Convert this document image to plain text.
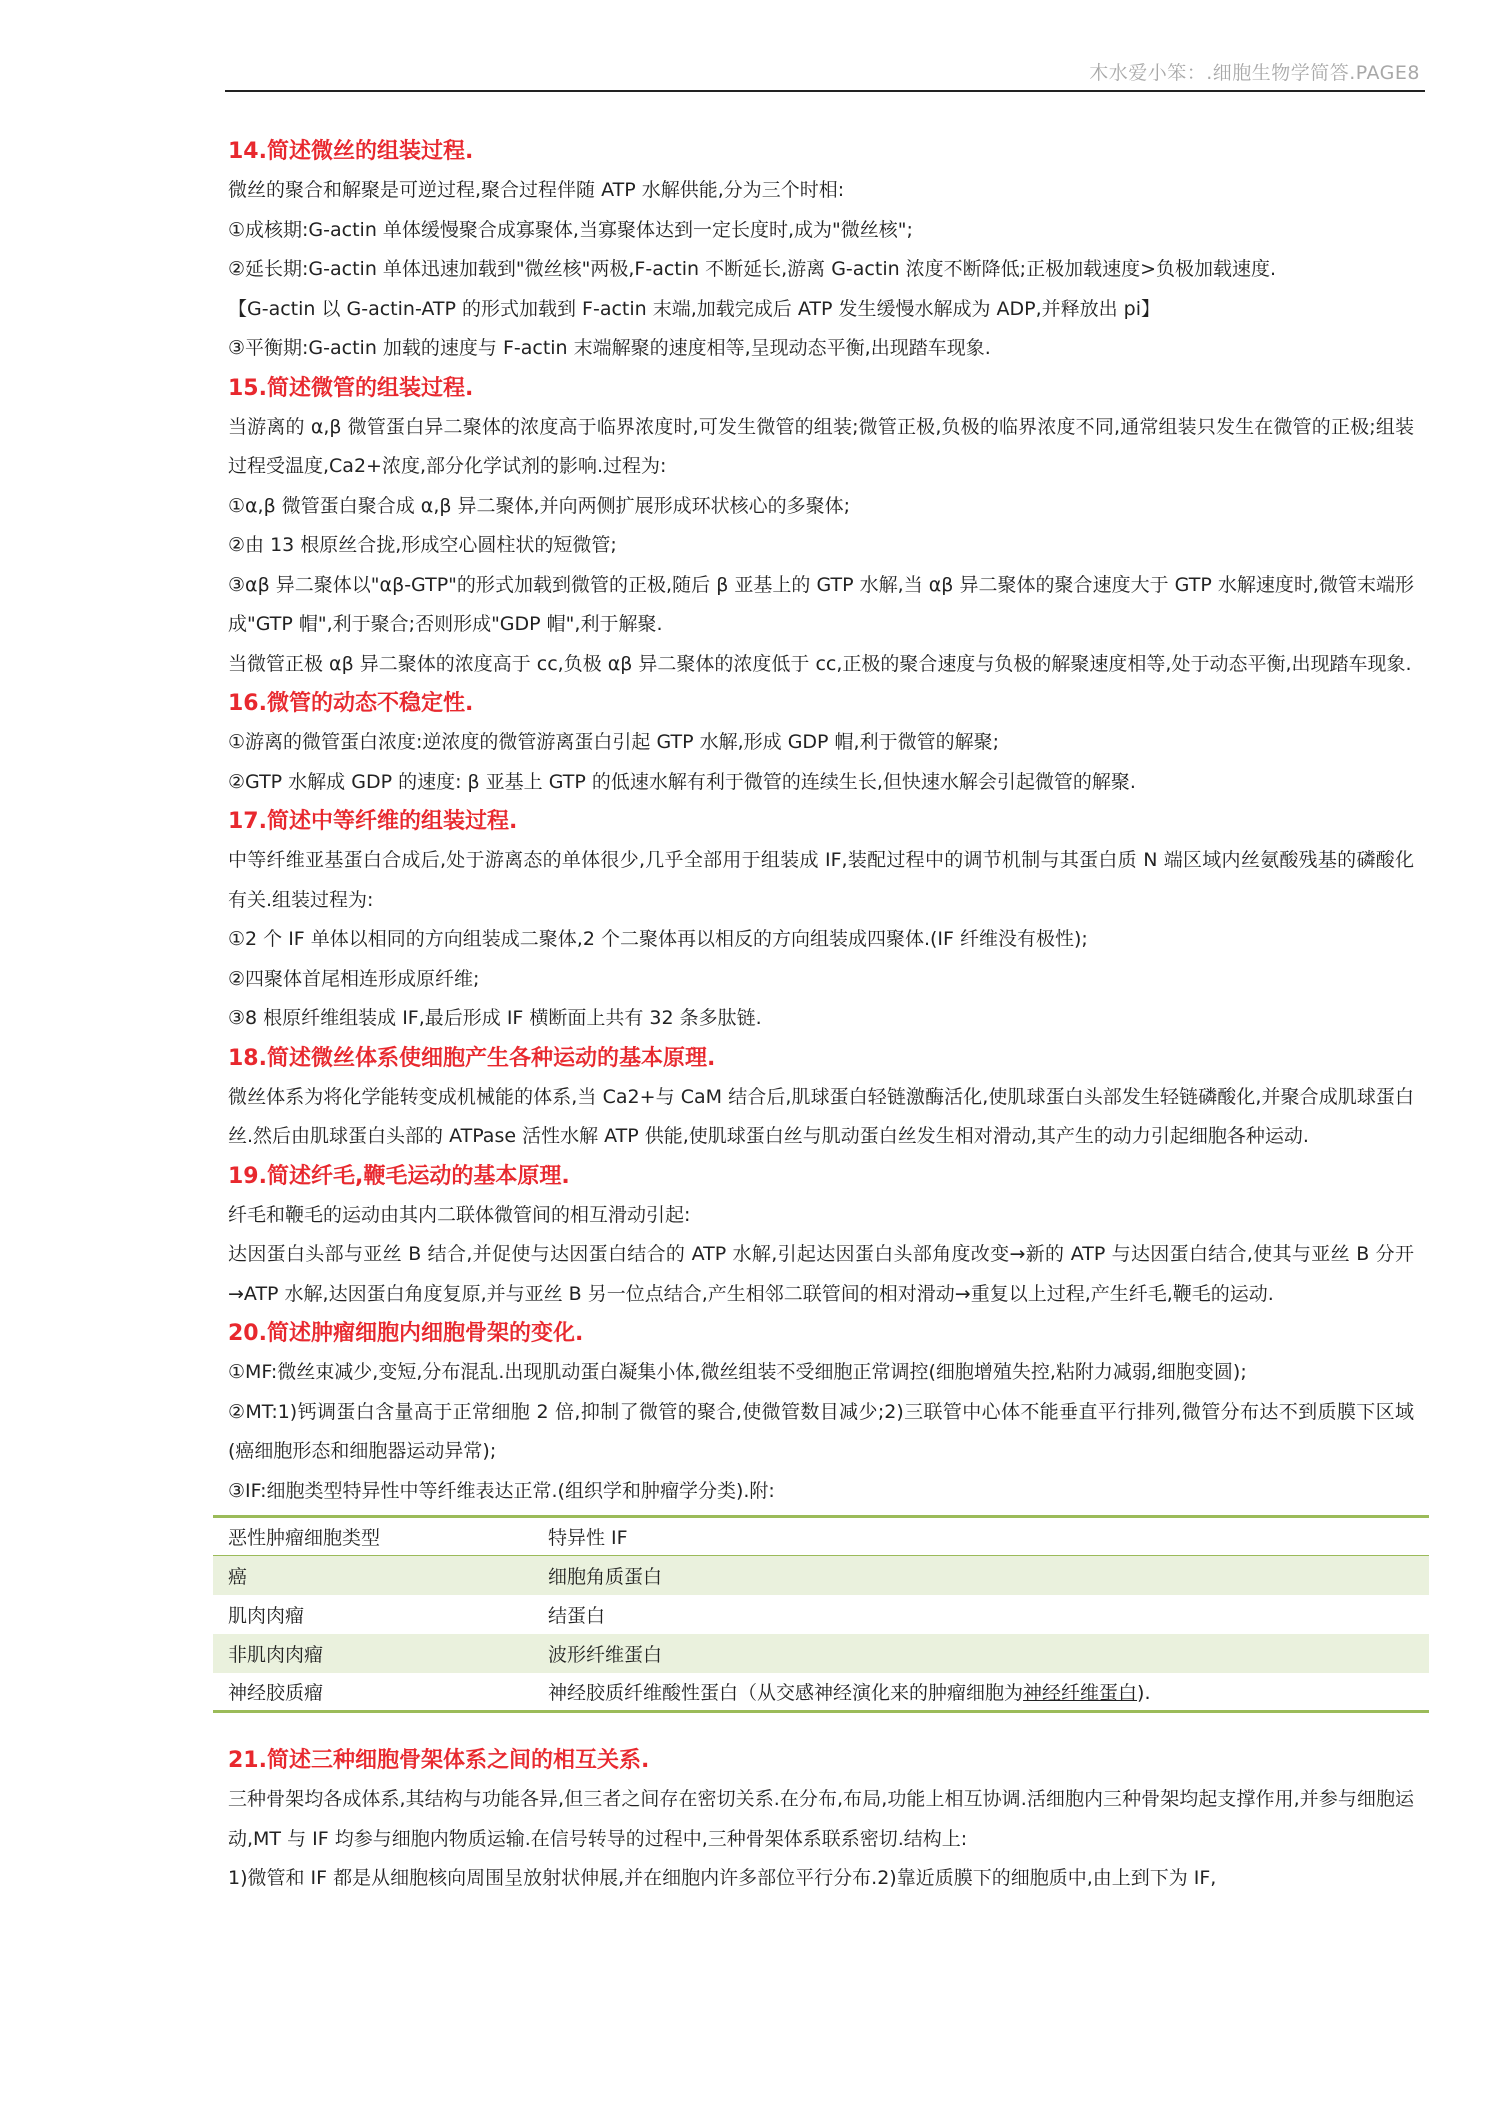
木水爱小笨：.细胞生物学简答.PAGE8
14.简述微丝的组装过程.
微丝的聚合和解聚是可逆过程,聚合过程伴随 ATP 水解供能,分为三个时相:
①成核期:G-actin 单体缓慢聚合成寡聚体,当寡聚体达到一定长度时,成为"微丝核";
②延长期:G-actin 单体迅速加载到"微丝核"两极,F-actin 不断延长,游离 G-actin 浓度不断降低;正极加载速度>负极加载速度.
【G-actin 以 G-actin-ATP 的形式加载到 F-actin 末端,加载完成后 ATP 发生缓慢水解成为 ADP,并释放出 pi】
③平衡期:G-actin 加载的速度与 F-actin 末端解聚的速度相等,呈现动态平衡,出现踏车现象.
15.简述微管的组装过程.
当游离的 α,β 微管蛋白异二聚体的浓度高于临界浓度时,可发生微管的组装;微管正极,负极的临界浓度不同,通常组装只发生在微管的正极;组装过程受温度,Ca2+浓度,部分化学试剂的影响.过程为:
①α,β 微管蛋白聚合成 α,β 异二聚体,并向两侧扩展形成环状核心的多聚体;
②由 13 根原丝合拢,形成空心圆柱状的短微管;
③αβ 异二聚体以"αβ-GTP"的形式加载到微管的正极,随后 β 亚基上的 GTP 水解,当 αβ 异二聚体的聚合速度大于 GTP 水解速度时,微管末端形成"GTP 帽",利于聚合;否则形成"GDP 帽",利于解聚.
当微管正极 αβ 异二聚体的浓度高于 cc,负极 αβ 异二聚体的浓度低于 cc,正极的聚合速度与负极的解聚速度相等,处于动态平衡,出现踏车现象.
16.微管的动态不稳定性.
①游离的微管蛋白浓度:逆浓度的微管游离蛋白引起 GTP 水解,形成 GDP 帽,利于微管的解聚;
②GTP 水解成 GDP 的速度: β 亚基上 GTP 的低速水解有利于微管的连续生长,但快速水解会引起微管的解聚.
17.简述中等纤维的组装过程.
中等纤维亚基蛋白合成后,处于游离态的单体很少,几乎全部用于组装成 IF,装配过程中的调节机制与其蛋白质 N 端区域内丝氨酸残基的磷酸化有关.组装过程为:
①2 个 IF 单体以相同的方向组装成二聚体,2 个二聚体再以相反的方向组装成四聚体.(IF 纤维没有极性);
②四聚体首尾相连形成原纤维;
③8 根原纤维组装成 IF,最后形成 IF 横断面上共有 32 条多肽链.
18.简述微丝体系使细胞产生各种运动的基本原理.
微丝体系为将化学能转变成机械能的体系,当 Ca2+与 CaM 结合后,肌球蛋白轻链激酶活化,使肌球蛋白头部发生轻链磷酸化,并聚合成肌球蛋白丝.然后由肌球蛋白头部的 ATPase 活性水解 ATP 供能,使肌球蛋白丝与肌动蛋白丝发生相对滑动,其产生的动力引起细胞各种运动.
19.简述纤毛,鞭毛运动的基本原理.
纤毛和鞭毛的运动由其内二联体微管间的相互滑动引起:
达因蛋白头部与亚丝 B 结合,并促使与达因蛋白结合的 ATP 水解,引起达因蛋白头部角度改变→新的 ATP 与达因蛋白结合,使其与亚丝 B 分开→ATP 水解,达因蛋白角度复原,并与亚丝 B 另一位点结合,产生相邻二联管间的相对滑动→重复以上过程,产生纤毛,鞭毛的运动.
20.简述肿瘤细胞内细胞骨架的变化.
①MF:微丝束减少,变短,分布混乱.出现肌动蛋白凝集小体,微丝组装不受细胞正常调控(细胞增殖失控,粘附力减弱,细胞变圆);
②MT:1)钙调蛋白含量高于正常细胞 2 倍,抑制了微管的聚合,使微管数目减少;2)三联管中心体不能垂直平行排列,微管分布达不到质膜下区域(癌细胞形态和细胞器运动异常);
③IF:细胞类型特异性中等纤维表达正常.(组织学和肿瘤学分类).附:
恶性肿瘤细胞类型	特异性 IF
癌	细胞角质蛋白
肌肉肉瘤	结蛋白
非肌肉肉瘤	波形纤维蛋白
神经胶质瘤	神经胶质纤维酸性蛋白（从交感神经演化来的肿瘤细胞为神经纤维蛋白).
21.简述三种细胞骨架体系之间的相互关系.
三种骨架均各成体系,其结构与功能各异,但三者之间存在密切关系.在分布,布局,功能上相互协调.活细胞内三种骨架均起支撑作用,并参与细胞运动,MT 与 IF 均参与细胞内物质运输.在信号转导的过程中,三种骨架体系联系密切.结构上:
1)微管和 IF 都是从细胞核向周围呈放射状伸展,并在细胞内许多部位平行分布.2)靠近质膜下的细胞质中,由上到下为 IF,
